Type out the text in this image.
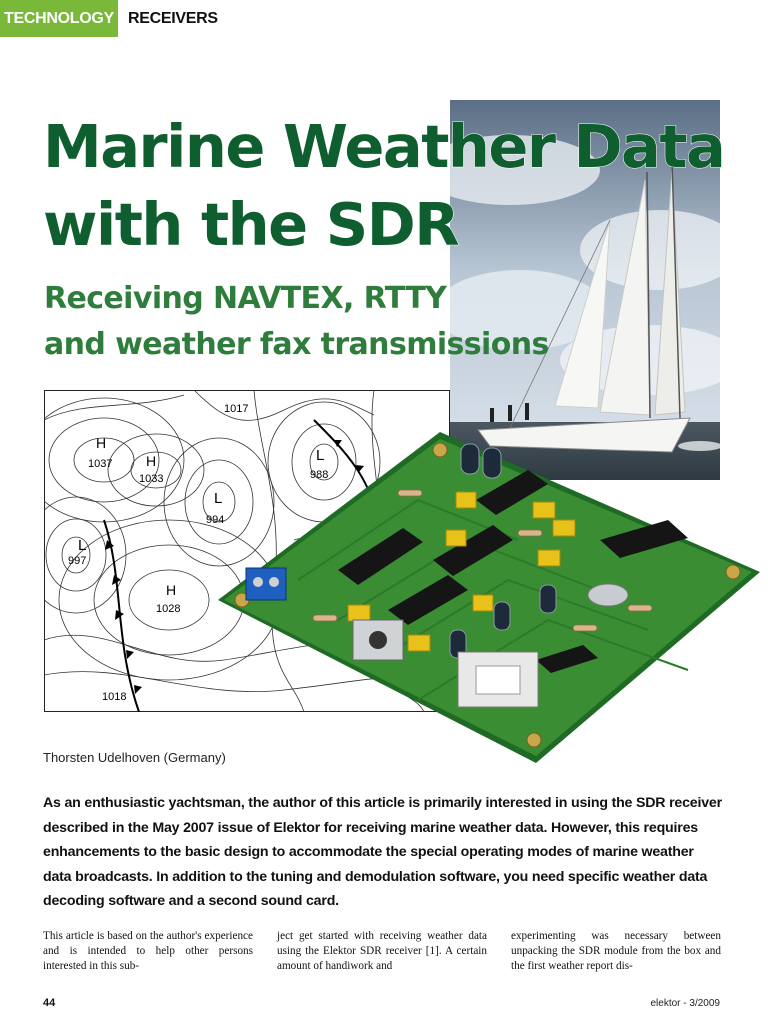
TECHNOLOGY RECEIVERS
Marine Weather Data
with the SDR
Receiving NAVTEX, RTTY
and weather fax transmissions
H
1037 H
1033
1017
L
988
L
994
L
997
H
1028
1018
Thorsten Udelhoven (Germany)

As an enthusiastic yachtsman, the author of this article is primarily interested in using the SDR receiver described in the May 2007 issue of Elektor for receiving marine weather data. However, this requires enhancements to the basic design to accommodate the special operating modes of marine weather data broadcasts. In addition to the tuning and demodulation software, you need specific weather data decoding software and a second sound card.

This article is based on the author's experience and is intended to help other persons interested in this sub-

ject get started with receiving weather data using the Elektor SDR receiver [1]. A certain amount of handiwork and

experimenting was necessary between unpacking the SDR module from the box and the first weather report dis-

44	elektor - 3/2009
